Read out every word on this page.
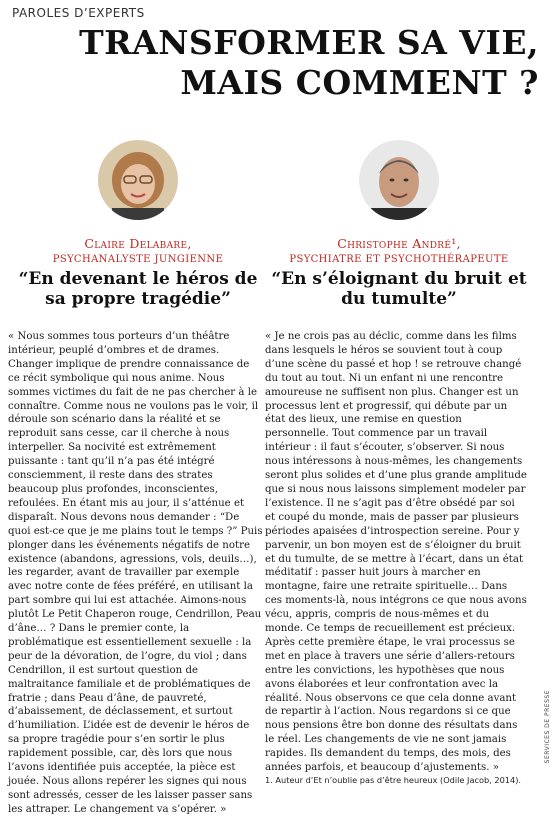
PAROLES D’EXPERTS
TRANSFORMER SA VIE,
MAIS COMMENT ?
Claire Delabare,
PSYCHANALYSTE JUNGIENNE
“En devenant le héros de sa propre tragédie”
Christophe André¹,
PSYCHIATRE ET PSYCHOTHÉRAPEUTE
“En s’éloignant du bruit et du tumulte”

« Nous sommes tous porteurs d’un théâtre intérieur, peuplé d’ombres et de drames. Changer implique de prendre connaissance de ce récit symbolique qui nous anime. Nous sommes victimes du fait de ne pas chercher à le connaître. Comme nous ne voulons pas le voir, il déroule son scénario dans la réalité et se reproduit sans cesse, car il cherche à nous interpeller. Sa nocivité est extrêmement puissante : tant qu’il n’a pas été intégré consciemment, il reste dans des strates beaucoup plus profondes, inconscientes, refoulées. En étant mis au jour, il s’atténue et disparaît. Nous devons nous demander : “De quoi est-ce que je me plains tout le temps ?” Puis plonger dans les événements négatifs de notre existence (abandons, agressions, vols, deuils…), les regarder, avant de travailler par exemple avec notre conte de fées préféré, en utilisant la part sombre qui lui est attachée. Aimons-nous plutôt Le Petit Chaperon rouge, Cendrillon, Peau d’âne… ? Dans le premier conte, la problématique est essentiellement sexuelle : la peur de la dévoration, de l’ogre, du viol ; dans Cendrillon, il est surtout question de maltraitance familiale et de problématiques de fratrie ; dans Peau d’âne, de pauvreté, d’abaissement, de déclassement, et surtout d’humiliation. L’idée est de devenir le héros de sa propre tragédie pour s’en sortir le plus rapidement possible, car, dès lors que nous l’avons identifiée puis acceptée, la pièce est jouée. Nous allons repérer les signes qui nous sont adressés, cesser de les laisser passer sans les attraper. Le changement va s’opérer. »

« Je ne crois pas au déclic, comme dans les films dans lesquels le héros se souvient tout à coup d’une scène du passé et hop ! se retrouve changé du tout au tout. Ni un enfant ni une rencontre amoureuse ne suffisent non plus. Changer est un processus lent et progressif, qui débute par un état des lieux, une remise en question personnelle. Tout commence par un travail intérieur : il faut s’écouter, s’observer. Si nous nous intéressons à nous-mêmes, les changements seront plus solides et d’une plus grande amplitude que si nous nous laissons simplement modeler par l’existence. Il ne s’agit pas d’être obsédé par soi et coupé du monde, mais de passer par plusieurs périodes apaisées d’introspection sereine. Pour y parvenir, un bon moyen est de s’éloigner du bruit et du tumulte, de se mettre à l’écart, dans un état méditatif : passer huit jours à marcher en montagne, faire une retraite spirituelle… Dans ces moments-là, nous intégrons ce que nous avons vécu, appris, compris de nous-mêmes et du monde. Ce temps de recueillement est précieux. Après cette première étape, le vrai processus se met en place à travers une série d’allers-retours entre les convictions, les hypothèses que nous avons élaborées et leur confrontation avec la réalité. Nous observons ce que cela donne avant de repartir à l’action. Nous regardons si ce que nous pensions être bon donne des résultats dans le réel. Les changements de vie ne sont jamais rapides. Ils demandent du temps, des mois, des années parfois, et beaucoup d’ajustements. »

1. Auteur d’Et n’oublie pas d’être heureux (Odile Jacob, 2014).
SERVICES DE PRESSE
